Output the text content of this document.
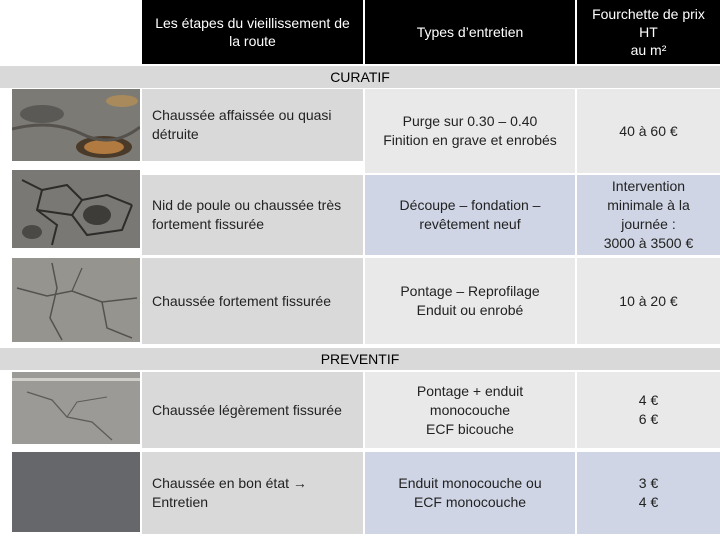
Les étapes du vieillissement de la route
Types d’entretien
Fourchette de prix
HT
au m²
CURATIF
Chaussée affaissée ou quasi détruite
Purge sur 0.30 – 0.40
Finition en grave et enrobés
40 à 60 €
Nid de poule ou chaussée très fortement fissurée
Découpe – fondation –
revêtement neuf
Intervention
minimale à la
journée :
3000 à 3500 €
Chaussée fortement fissurée
Pontage – Reprofilage
Enduit ou enrobé
10 à 20 €
PREVENTIF
Chaussée légèrement fissurée
Pontage + enduit
monocouche
ECF bicouche
4 €
6 €
Chaussée en bon état → Entretien
Enduit monocouche ou
ECF monocouche
3 €
4 €
